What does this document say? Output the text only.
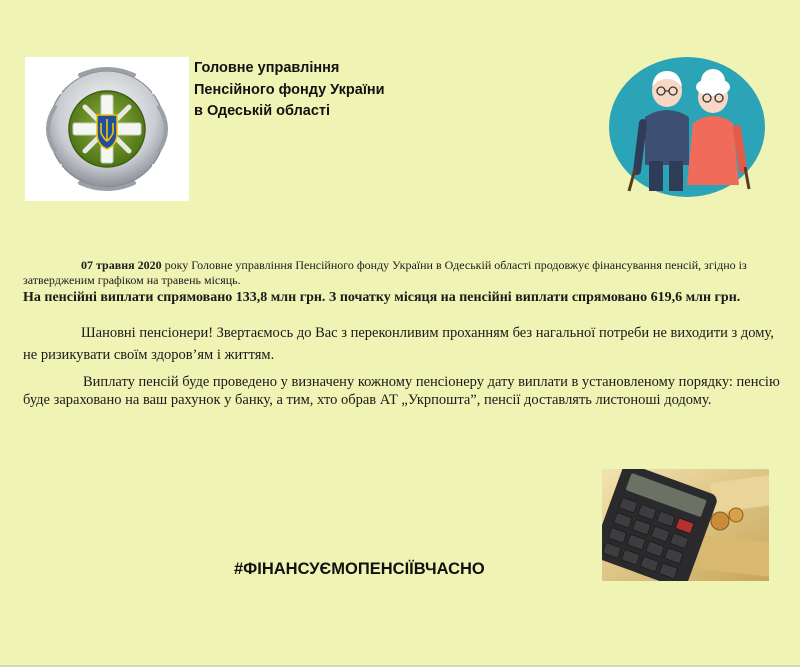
Головне управління
Пенсійного фонду України
в Одеській області
07 травня 2020 року Головне управління Пенсійного фонду України в Одеській області продовжує фінансування пенсій, згідно із затвердженим графіком на травень місяць.
На пенсійні виплати спрямовано 133,8 млн грн. З початку місяця на пенсійні виплати спрямовано 619,6 млн грн.
Шановні пенсіонери! Звертаємось до Вас з переконливим проханням без нагальної потреби не виходити з дому, не ризикувати своїм здоров’ям і життям.
Виплату пенсій буде проведено у визначену кожному пенсіонеру дату виплати в установленому порядку: пенсію буде зараховано на ваш рахунок у банку, а тим, хто обрав АТ „Укрпошта”, пенсії доставлять листоноші додому.
#ФІНАНСУЄМОПЕНСІЇВЧАСНО
